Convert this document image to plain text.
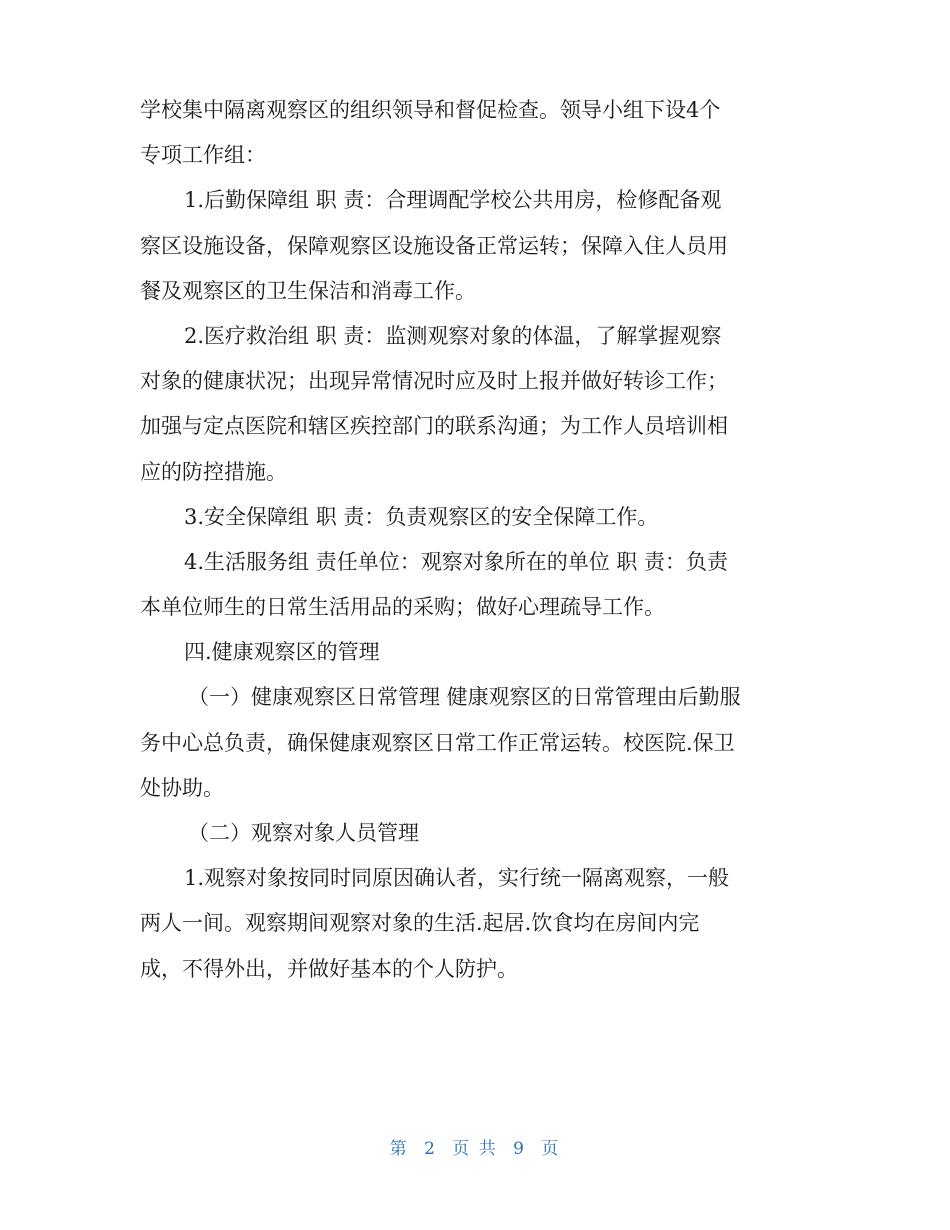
学校集中隔离观察区的组织领导和督促检查。领导小组下设4个
专项工作组：
1.后勤保障组 职 责：合理调配学校公共用房，检修配备观
察区设施设备，保障观察区设施设备正常运转；保障入住人员用
餐及观察区的卫生保洁和消毒工作。
2.医疗救治组 职 责：监测观察对象的体温，了解掌握观察
对象的健康状况；出现异常情况时应及时上报并做好转诊工作；
加强与定点医院和辖区疾控部门的联系沟通；为工作人员培训相
应的防控措施。
3.安全保障组 职 责：负责观察区的安全保障工作。
4.生活服务组 责任单位：观察对象所在的单位 职 责：负责
本单位师生的日常生活用品的采购；做好心理疏导工作。
四.健康观察区的管理
（一）健康观察区日常管理 健康观察区的日常管理由后勤服
务中心总负责，确保健康观察区日常工作正常运转。校医院.保卫
处协助。
（二）观察对象人员管理
1.观察对象按同时同原因确认者，实行统一隔离观察，一般
两人一间。观察期间观察对象的生活.起居.饮食均在房间内完
成，不得外出，并做好基本的个人防护。
第 2 页 共 9 页
